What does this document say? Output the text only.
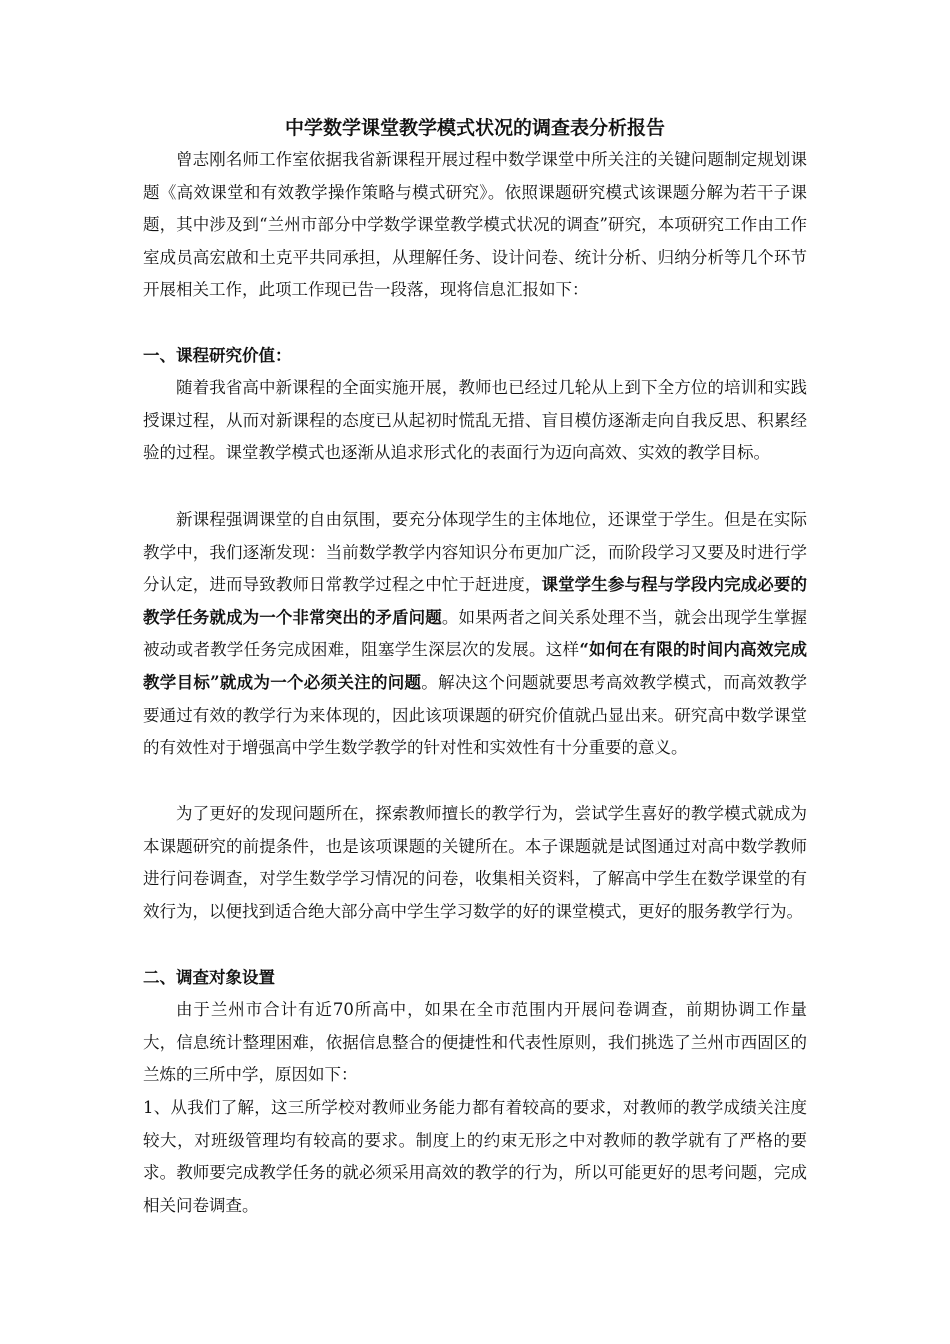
中学数学课堂教学模式状况的调查表分析报告

曾志刚名师工作室依据我省新课程开展过程中数学课堂中所关注的关键问题制定规划课题《高效课堂和有效教学操作策略与模式研究》。依照课题研究模式该课题分解为若干子课题，其中涉及到“兰州市部分中学数学课堂教学模式状况的调查”研究，本项研究工作由工作室成员高宏啟和土克平共同承担，从理解任务、设计问卷、统计分析、归纳分析等几个环节开展相关工作，此项工作现已告一段落，现将信息汇报如下：

一、课程研究价值：

随着我省高中新课程的全面实施开展，教师也已经过几轮从上到下全方位的培训和实践授课过程，从而对新课程的态度已从起初时慌乱无措、盲目模仿逐渐走向自我反思、积累经验的过程。课堂教学模式也逐渐从追求形式化的表面行为迈向高效、实效的教学目标。

新课程强调课堂的自由氛围，要充分体现学生的主体地位，还课堂于学生。但是在实际教学中，我们逐渐发现：当前数学教学内容知识分布更加广泛，而阶段学习又要及时进行学分认定，进而导致教师日常教学过程之中忙于赶进度，课堂学生参与程与学段内完成必要的教学任务就成为一个非常突出的矛盾问题。如果两者之间关系处理不当，就会出现学生掌握被动或者教学任务完成困难，阻塞学生深层次的发展。这样“如何在有限的时间内高效完成教学目标”就成为一个必须关注的问题。解决这个问题就要思考高效教学模式，而高效教学要通过有效的教学行为来体现的，因此该项课题的研究价值就凸显出来。研究高中数学课堂的有效性对于增强高中学生数学教学的针对性和实效性有十分重要的意义。

为了更好的发现问题所在，探索教师擅长的教学行为，尝试学生喜好的教学模式就成为本课题研究的前提条件，也是该项课题的关键所在。本子课题就是试图通过对高中数学教师进行问卷调查，对学生数学学习情况的问卷，收集相关资料，了解高中学生在数学课堂的有效行为，以便找到适合绝大部分高中学生学习数学的好的课堂模式，更好的服务教学行为。

二、调查对象设置

由于兰州市合计有近70所高中，如果在全市范围内开展问卷调查，前期协调工作量大，信息统计整理困难，依据信息整合的便捷性和代表性原则，我们挑选了兰州市西固区的兰炼的三所中学，原因如下：

1、从我们了解，这三所学校对教师业务能力都有着较高的要求，对教师的教学成绩关注度较大，对班级管理均有较高的要求。制度上的约束无形之中对教师的教学就有了严格的要求。教师要完成教学任务的就必须采用高效的教学的行为，所以可能更好的思考问题，完成相关问卷调查。
